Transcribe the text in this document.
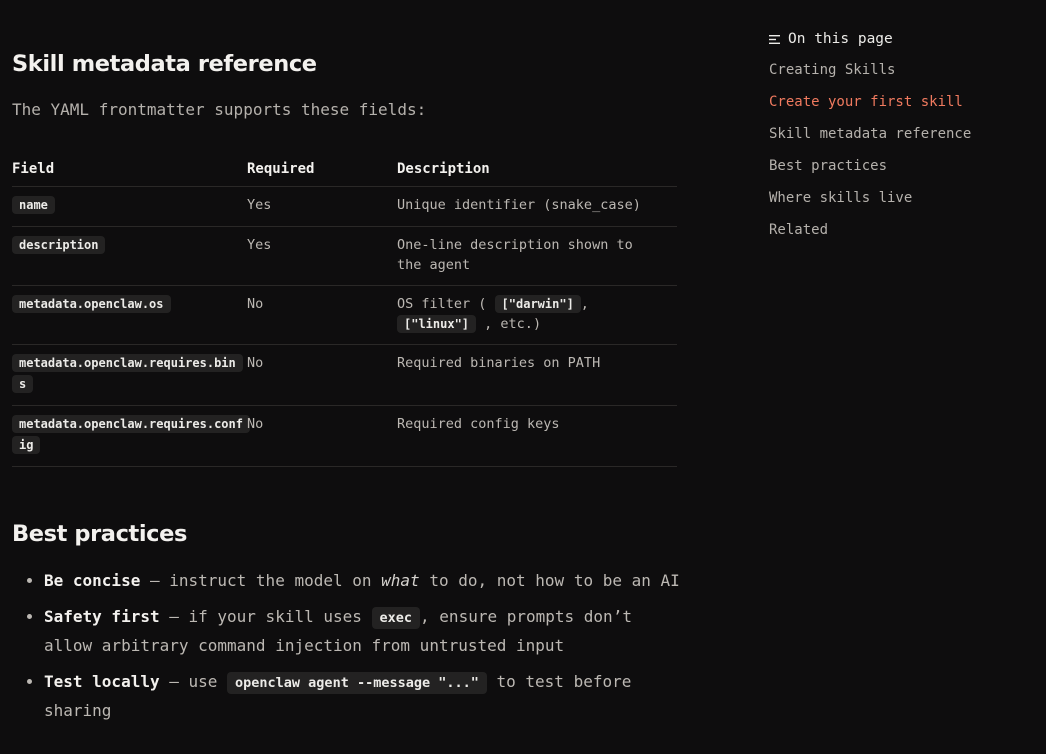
Skill metadata reference

The YAML frontmatter supports these fields:

Field	Required	Description
name	Yes	Unique identifier (snake_case)
description	Yes	One-line description shown to the agent
metadata.openclaw.os	No	OS filter ( ["darwin"] , ["linux"] , etc.)
metadata.openclaw.requires.bins	No	Required binaries on PATH
metadata.openclaw.requires.config	No	Required config keys
Best practices
• Be concise — instruct the model on what to do, not how to be an AI
• Safety first — if your skill uses exec , ensure prompts don’t allow arbitrary command injection from untrusted input
• Test locally — use openclaw agent --message "..." to test before sharing
On this page
Creating Skills
Create your first skill
Skill metadata reference
Best practices
Where skills live
Related
